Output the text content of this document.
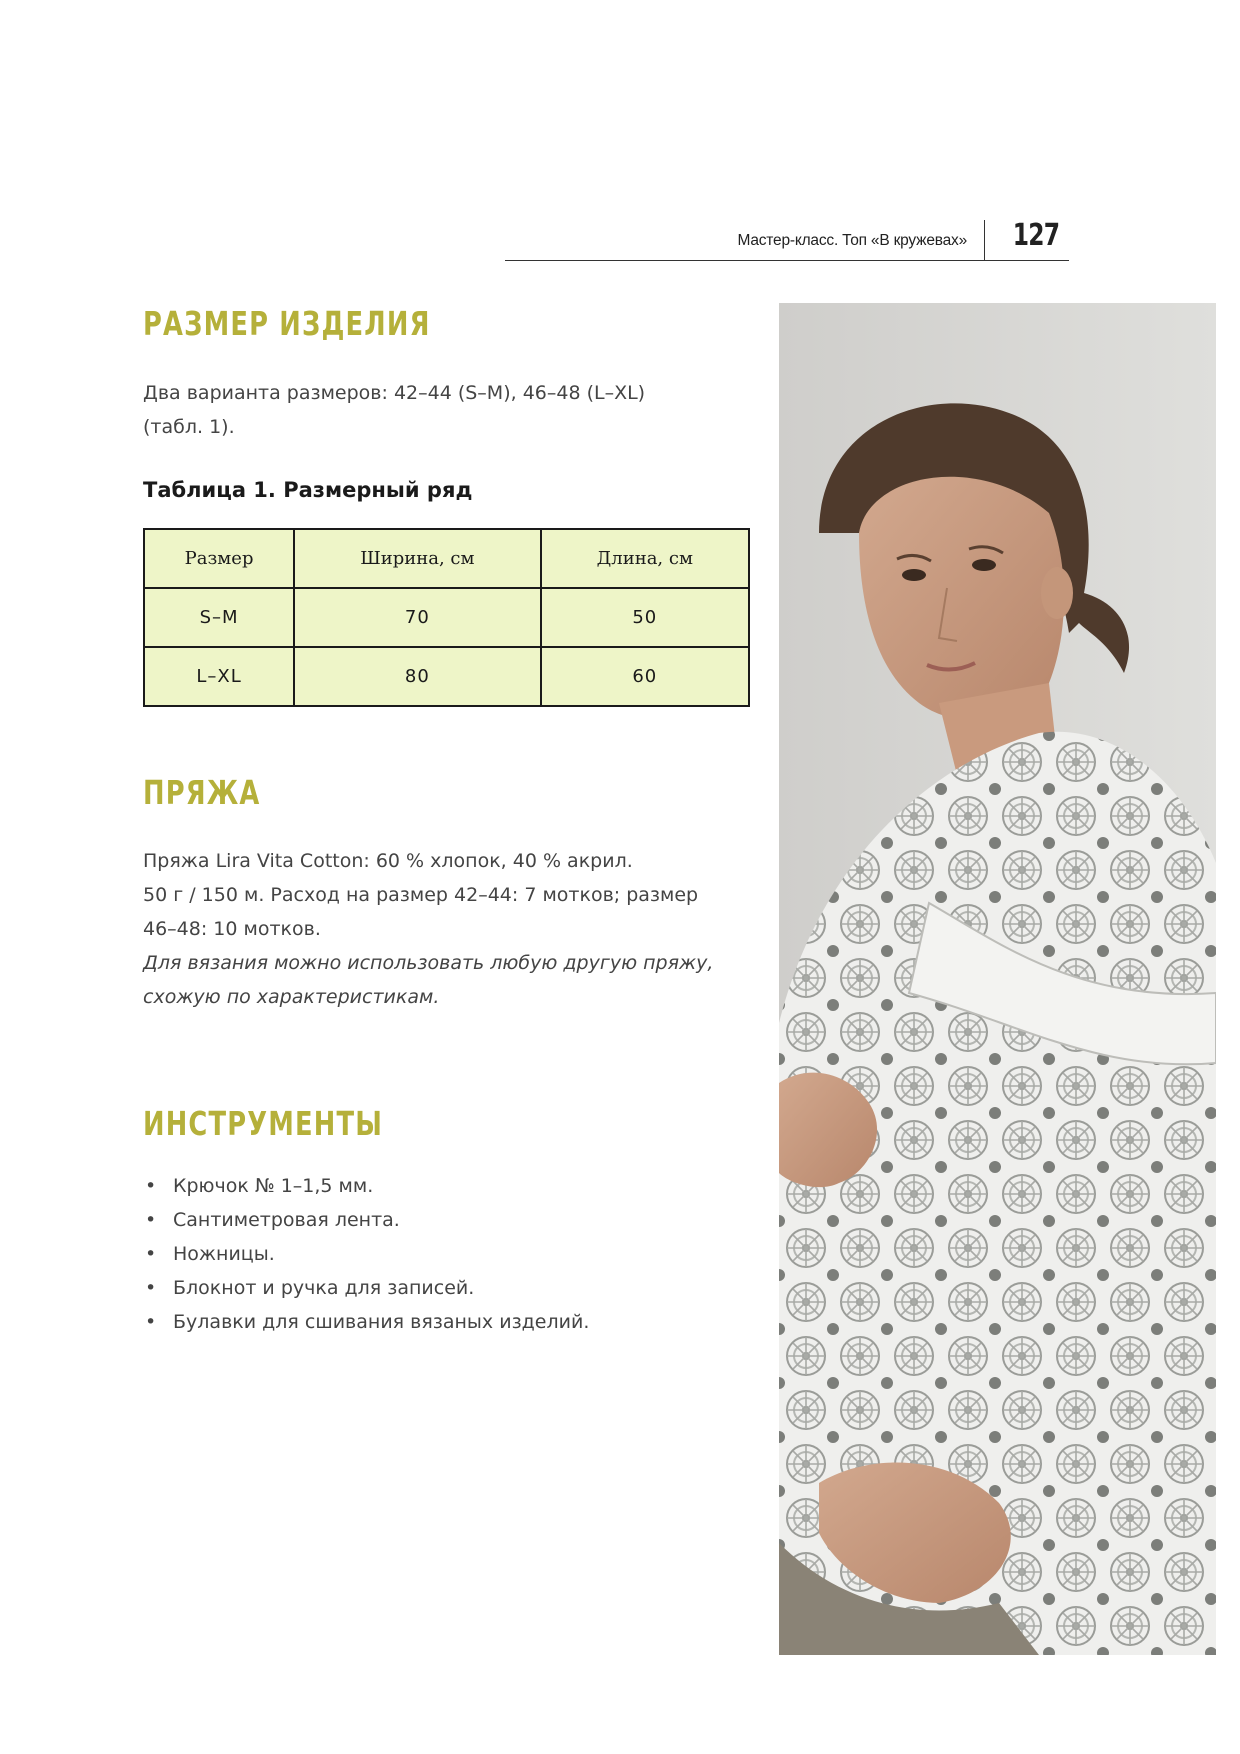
Мастер-класс. Топ «В кружевах» 127
РАЗМЕР ИЗДЕЛИЯ
Два варианта размеров: 42–44 (S–M), 46–48 (L–XL)
(табл. 1).
Таблица 1. Размерный ряд
Размер	Ширина, см	Длина, см
S–M	70	50
L–XL	80	60
ПРЯЖА
Пряжа Lira Vita Cotton: 60 % хлопок, 40 % акрил.
50 г / 150 м. Расход на размер 42–44: 7 мотков; размер
46–48: 10 мотков.
Для вязания можно использовать любую другую пряжу,
схожую по характеристикам.
ИНСТРУМЕНТЫ
• Крючок № 1–1,5 мм.
• Сантиметровая лента.
• Ножницы.
• Блокнот и ручка для записей.
• Булавки для сшивания вязаных изделий.
